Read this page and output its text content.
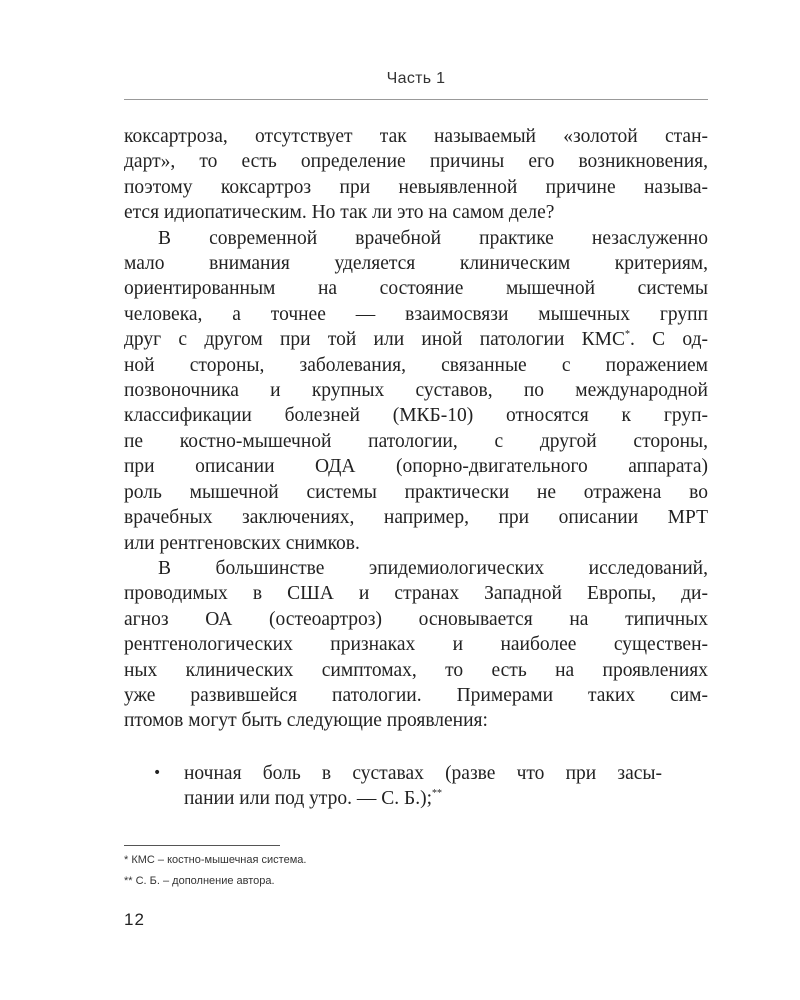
Часть 1
коксартроза, отсутствует так называемый «золотой стан-
дарт», то есть определение причины его возникновения,
поэтому коксартроз при невыявленной причине называ-
ется идиопатическим. Но так ли это на самом деле?
В современной врачебной практике незаслуженно
мало внимания уделяется клиническим критериям,
ориентированным на состояние мышечной системы
человека, а точнее — взаимосвязи мышечных групп
друг с другом при той или иной патологии КМС*. С од-
ной стороны, заболевания, связанные с поражением
позвоночника и крупных суставов, по международной
классификации болезней (МКБ-10) относятся к груп-
пе костно-мышечной патологии, с другой стороны,
при описании ОДА (опорно-двигательного аппарата)
роль мышечной системы практически не отражена во
врачебных заключениях, например, при описании МРТ
или рентгеновских снимков.
В большинстве эпидемиологических исследований,
проводимых в США и странах Западной Европы, ди-
агноз ОА (остеоартроз) основывается на типичных
рентгенологических признаках и наиболее существен-
ных клинических симптомах, то есть на проявлениях
уже развившейся патологии. Примерами таких сим-
птомов могут быть следующие проявления:
• ночная боль в суставах (разве что при засы-
пании или под утро. — С. Б.);**

* КМС – костно-мышечная система.

** С. Б. – дополнение автора.

12
